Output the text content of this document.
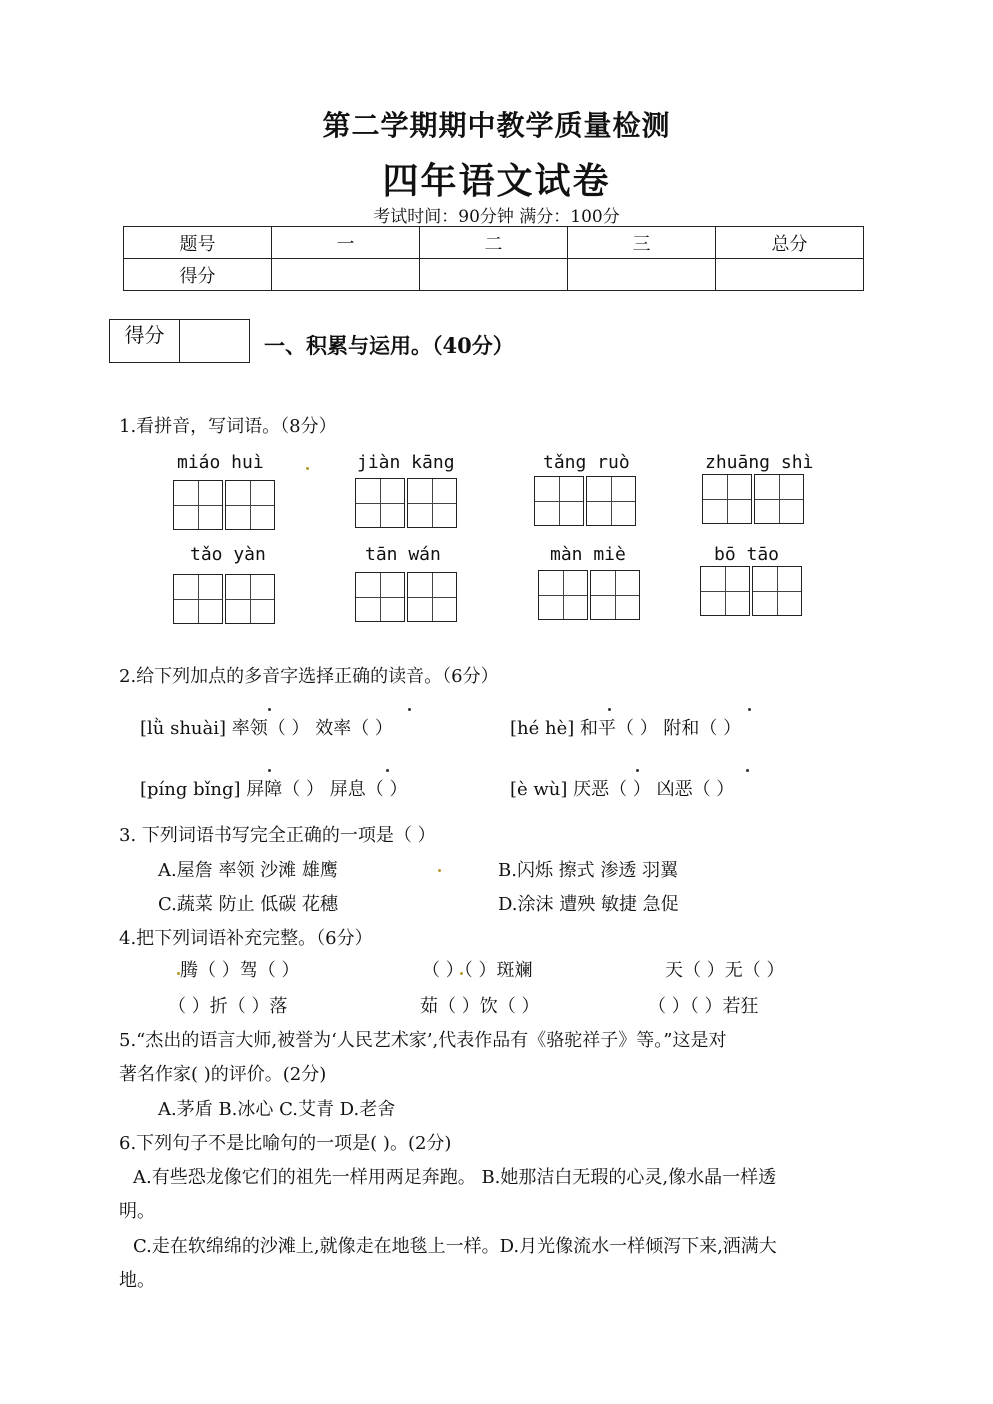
第二学期期中教学质量检测
四年语文试卷
考试时间：90分钟 满分：100分
题号	一	二	三	总分
得分				
得分	一、积累与运用。（40分）
1.看拼音，写词语。（8分）
miáo huì	jiàn kāng	tǎng ruò	zhuāng shì
tǎo yàn	tān wán	màn miè	bō tāo
2.给下列加点的多音字选择正确的读音。（6分）
[lǜ shuài] 率领（ ） 效率（ ）	[hé hè] 和平（ ） 附和（ ）
[píng bǐng] 屏障（ ） 屏息（ ）	[è wù] 厌恶（ ） 凶恶（ ）
3. 下列词语书写完全正确的一项是（ ）
A.屋詹 率领 沙滩 雄鹰	B.闪烁 擦式 渗透 羽翼
C.蔬菜 防止 低碳 花穗	D.涂沫 遭殃 敏捷 急促
4.把下列词语补充完整。（6分）
腾（ ）驾（ ）	（ ）（ ）斑斓	天（ ）无（ ）
（ ）折（ ）落	茹（ ）饮（ ）	（ ）（ ）若狂
5.“杰出的语言大师,被誉为‘人民艺术家’,代表作品有《骆驼祥子》等。”这是对
著名作家( )的评价。(2分)
A.茅盾 B.冰心 C.艾青 D.老舍
6.下列句子不是比喻句的一项是( )。(2分)
A.有些恐龙像它们的祖先一样用两足奔跑。 B.她那洁白无瑕的心灵,像水晶一样透
明。
C.走在软绵绵的沙滩上,就像走在地毯上一样。D.月光像流水一样倾泻下来,洒满大
地。
